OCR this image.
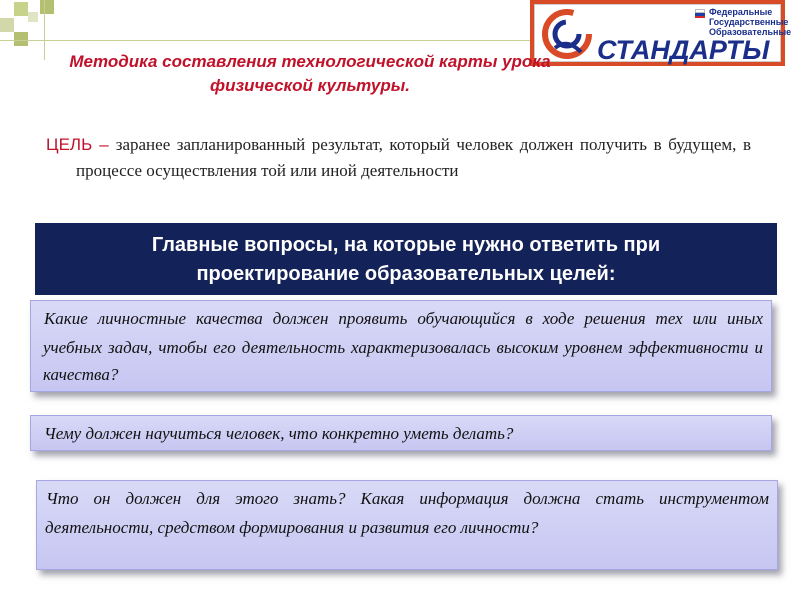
Федеральные
Государственные
Образовательные
СТАНДАРТЫ
Методика составления технологической карты урока физической культуры.
ЦЕЛЬ – заранее запланированный результат, который человек должен получить в будущем, в процессе осуществления той или иной деятельности
Главные вопросы, на которые нужно ответить при
проектирование образовательных целей:
Какие личностные качества должен проявить обучающийся в ходе решения тех или иных учебных задач, чтобы его деятельность характеризовалась высоким уровнем эффективности и качества?
Чему должен научиться человек, что конкретно уметь делать?
Что он должен для этого знать? Какая информация должна стать инструментом деятельности, средством формирования и развития его личности?
